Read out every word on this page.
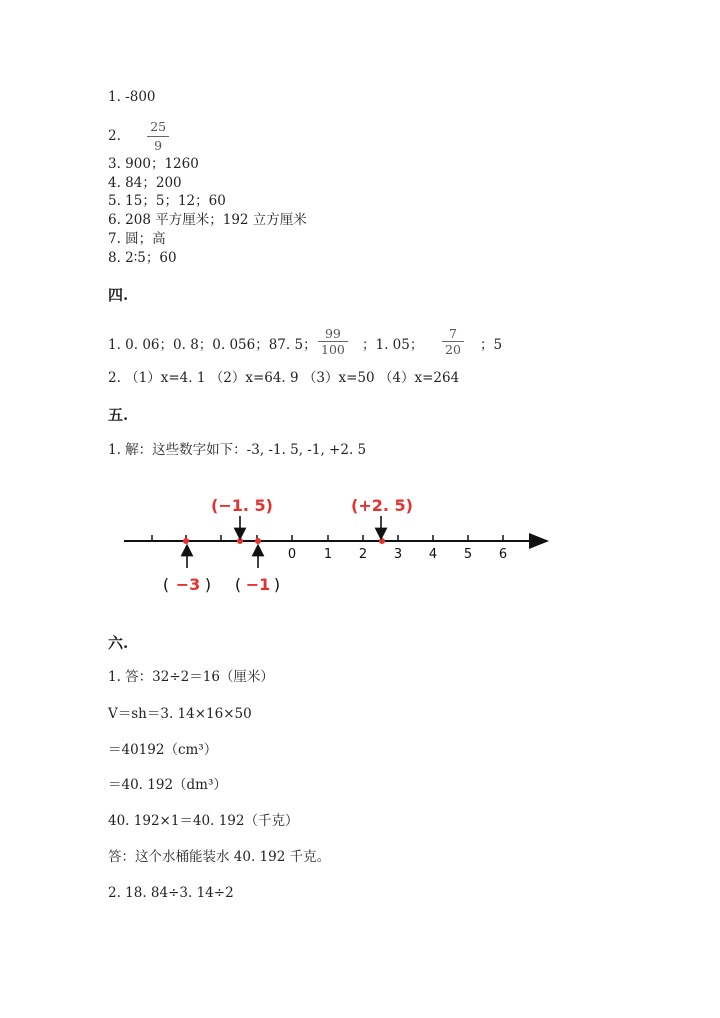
1. -800
2. $\frac{25}{9}$
3. 900；1260
4. 84；200
5. 15；5；12；60
6. 208 平方厘米；192 立方厘米
7. 圆；高
8. 2∶5；60
四.
1. 0. 06；0. 8；0. 056；87. 5； $\frac{99}{100}$ ；1. 05； $\frac{7}{20}$ ；5
2. （1）x=4. 1 （2）x=64. 9 （3）x=50 （4）x=264
五.
1. 解：这些数字如下：-3, -1. 5, -1, +2. 5
0 1 2 3 4 5 6
(−1. 5)	(+2. 5)
( −3 ) ( −1 )
六.
1. 答：32÷2＝16（厘米）
V＝sh＝3. 14×16×50
＝40192（cm³）
＝40. 192（dm³）
40. 192×1＝40. 192（千克）
答：这个水桶能装水 40. 192 千克。
2. 18. 84÷3. 14÷2
